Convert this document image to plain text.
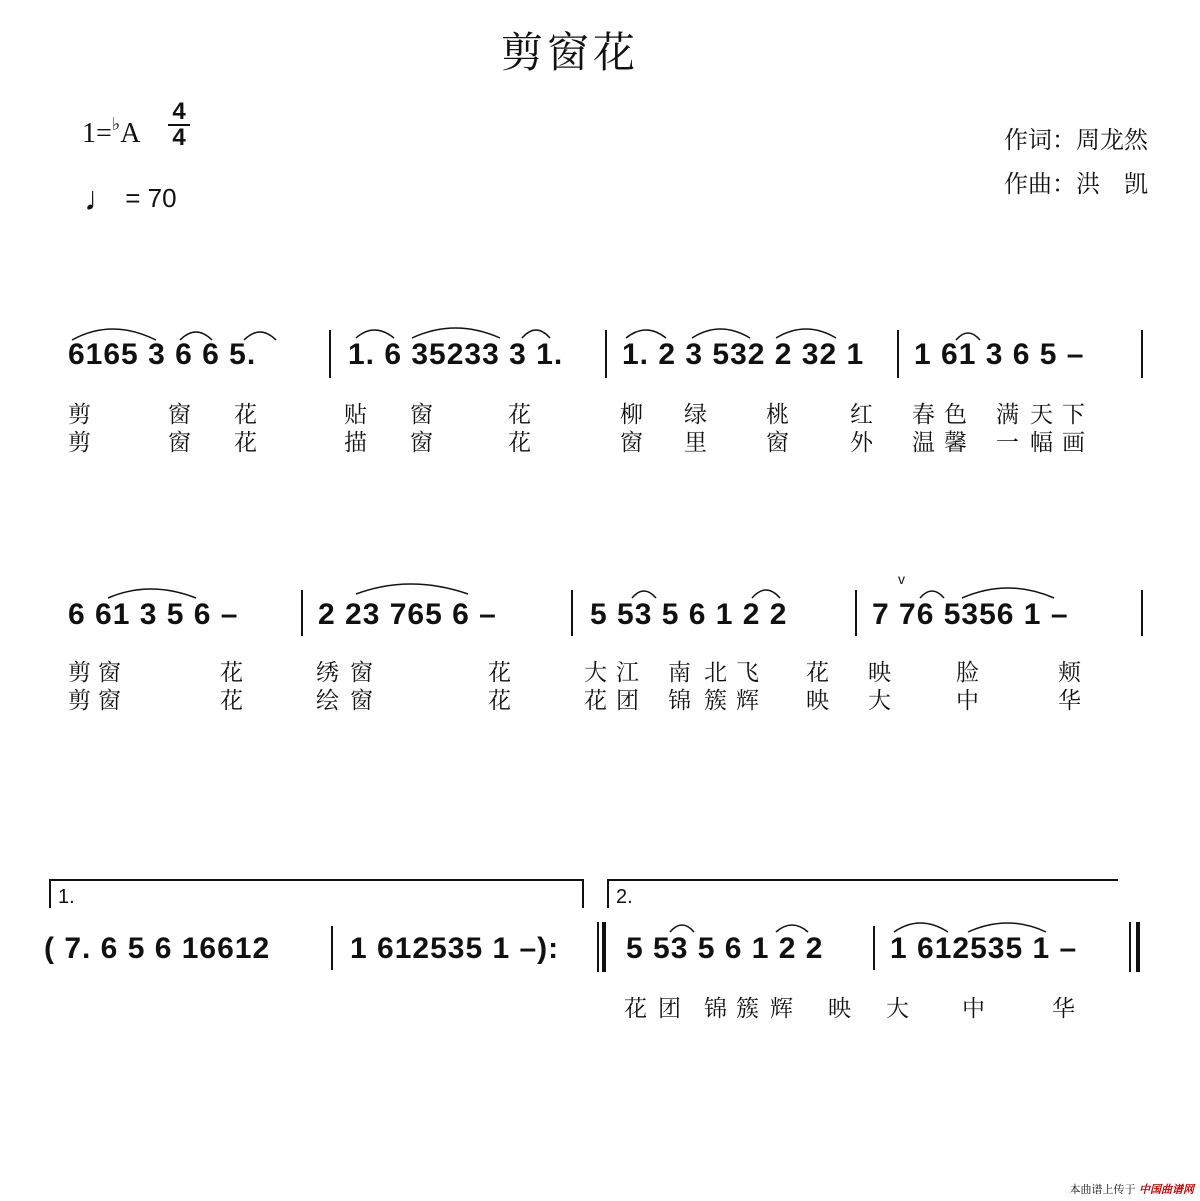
剪窗花
1=♭A
4
4
♩ = 70
作词：周龙然
作曲：洪　凯
v
6165 3 6 6 5.	1. 6 35233 3 1. 1. 2 3 532 2 32 1 1 61 3 6 5 –
剪	窗 花	贴 窗	花	柳 绿	桃	红 春 色 满 天 下
剪	窗 花	描 窗	花	窗 里	窗	外 温 馨 一 幅 画
6 61 3 5 6 –	2 23 765 6 –	5 53 5 6 1 2 2	7 76 5356 1 –
剪 窗	花	绣 窗	花	大 江 南 北 飞 花 映	脸	颊
剪 窗	花	绘 窗	花	花 团 锦 簇 辉 映 大	中	华
1.	2.
( 7. 6 5 6 16612	1 612535 1 –): 5 53 5 6 1 2 2 1 612535 1 –
花 团 锦 簇 辉 映 大 中	华
本曲谱上传于 中国曲谱网
